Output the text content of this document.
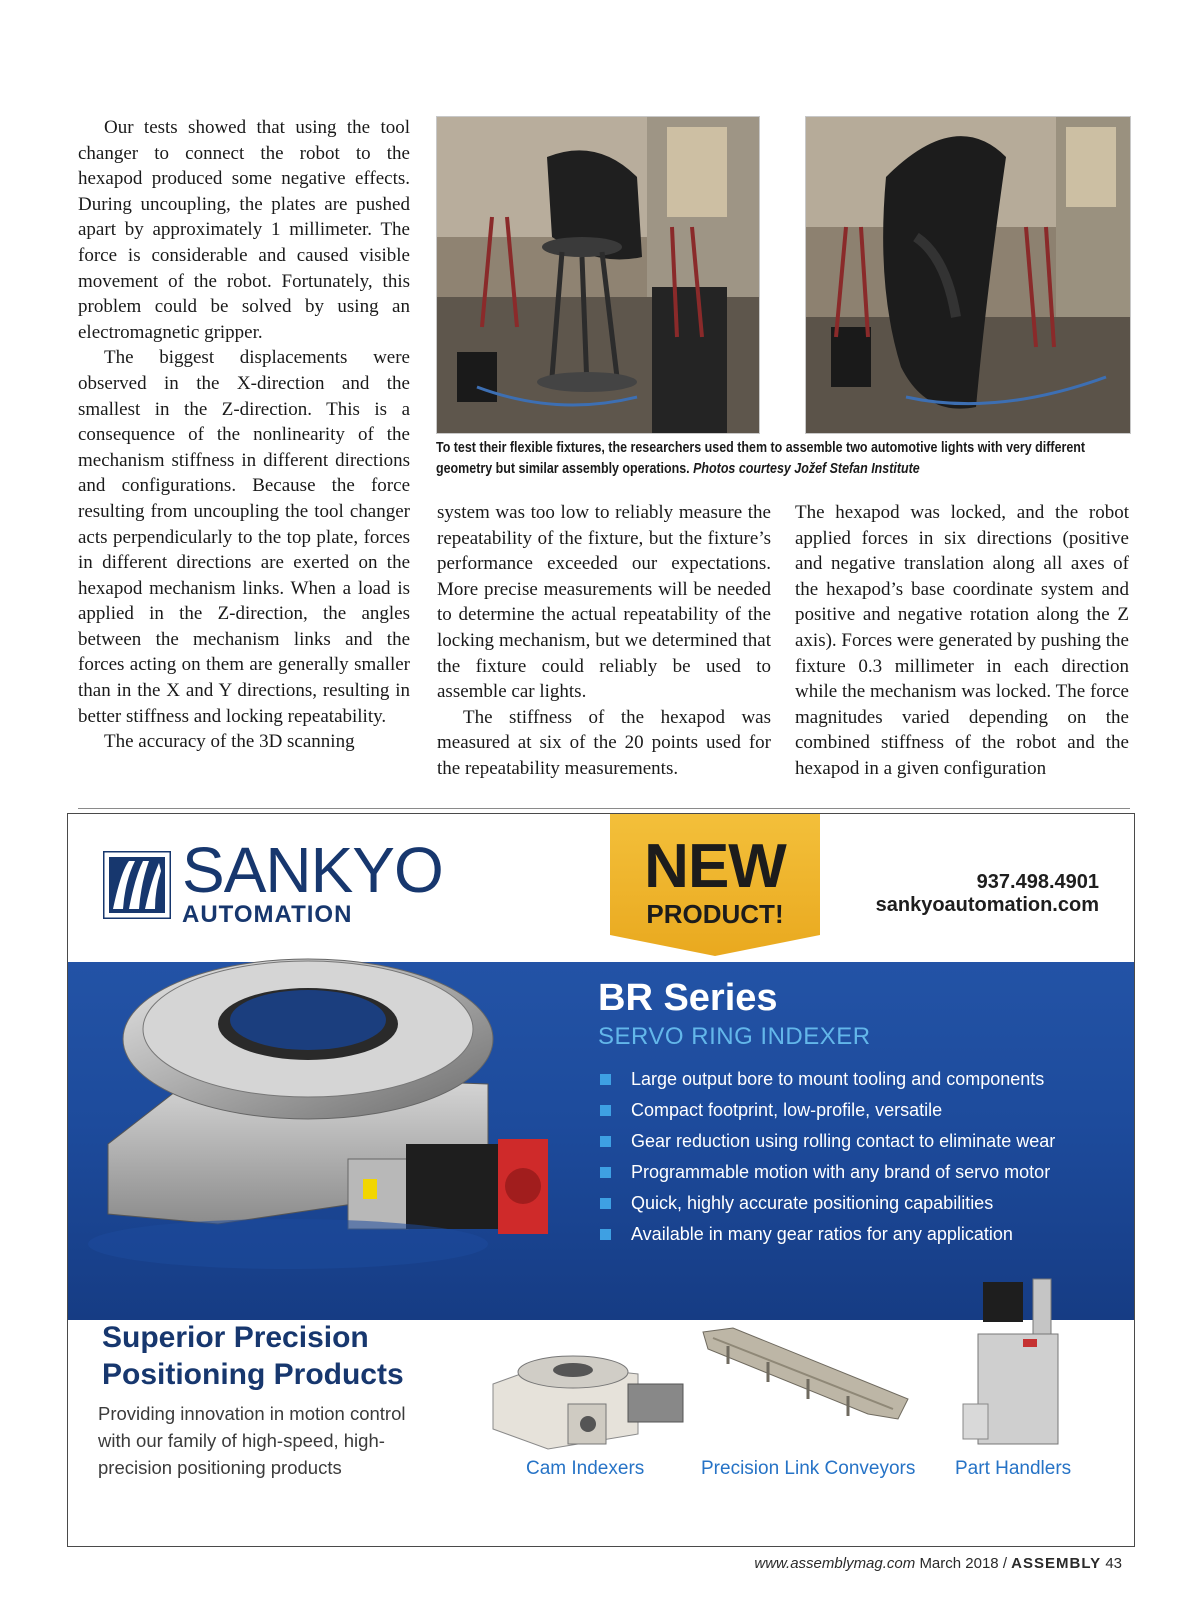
Our tests showed that using the tool changer to connect the robot to the hexapod produced some negative effects. During uncoupling, the plates are pushed apart by approximately 1 millimeter. The force is considerable and caused visible movement of the robot. Fortunately, this problem could be solved by using an electromagnetic gripper.

The biggest displacements were observed in the X-direction and the smallest in the Z-direction. This is a consequence of the nonlinearity of the mechanism stiffness in different directions and configurations. Because the force resulting from uncoupling the tool changer acts perpendicularly to the top plate, forces in different directions are exerted on the hexapod mechanism links. When a load is applied in the Z-direction, the angles between the mechanism links and the forces acting on them are generally smaller than in the X and Y directions, resulting in better stiffness and locking repeatability.

The accuracy of the 3D scanning

To test their flexible fixtures, the researchers used them to assemble two automotive lights with very different geometry but similar assembly operations. Photos courtesy Jožef Stefan Institute

system was too low to reliably measure the repeatability of the fixture, but the fixture’s performance exceeded our expectations. More precise measurements will be needed to determine the actual repeatability of the locking mechanism, but we determined that the fixture could reliably be used to assemble car lights.

The stiffness of the hexapod was measured at six of the 20 points used for the repeatability measurements.

The hexapod was locked, and the robot applied forces in six directions (positive and negative translation along all axes of the hexapod’s base coordinate system and positive and negative rotation along the Z axis). Forces were generated by pushing the fixture 0.3 millimeter in each direction while the mechanism was locked. The force magnitudes varied depending on the combined stiffness of the robot and the hexapod in a given configuration

SANKYO
AUTOMATION
NEW
PRODUCT!
937.498.4901
sankyoautomation.com
BR Series
SERVO RING INDEXER
Large output bore to mount tooling and components
Compact footprint, low-profile, versatile
Gear reduction using rolling contact to eliminate wear
Programmable motion with any brand of servo motor
Quick, highly accurate positioning capabilities
Available in many gear ratios for any application
Superior Precision
Positioning Products
Providing innovation in motion control with our family of high-speed, high-precision positioning products	Cam Indexers	Precision Link Conveyors Part Handlers
www.assemblymag.com March 2018 / ASSEMBLY 43
